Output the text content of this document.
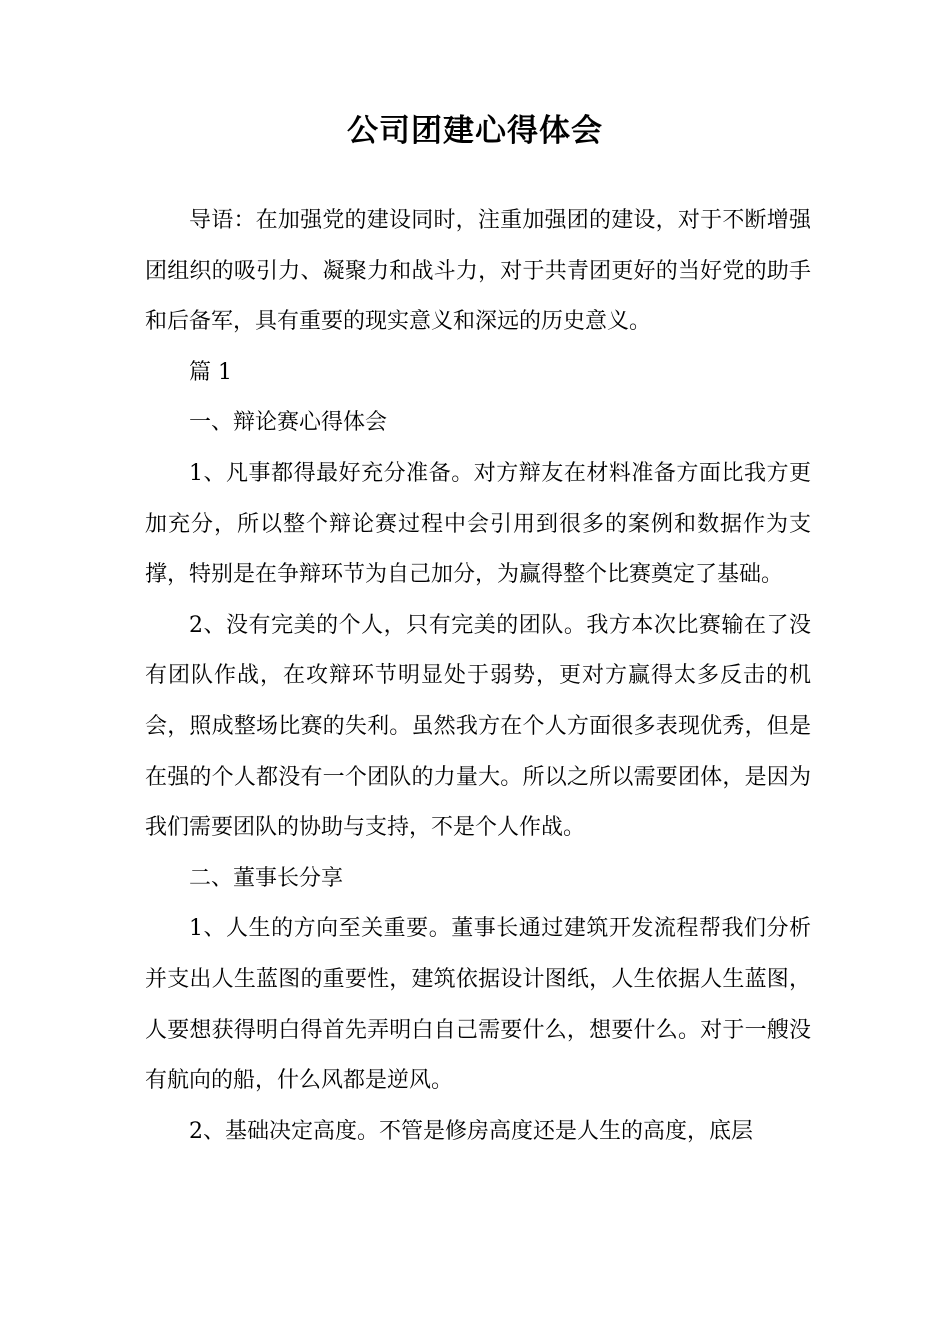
公司团建心得体会

导语：在加强党的建设同时，注重加强团的建设，对于不断增强团组织的吸引力、凝聚力和战斗力，对于共青团更好的当好党的助手和后备军，具有重要的现实意义和深远的历史意义。

篇 1

一、辩论赛心得体会

1、凡事都得最好充分准备。对方辩友在材料准备方面比我方更加充分，所以整个辩论赛过程中会引用到很多的案例和数据作为支撑，特别是在争辩环节为自己加分，为赢得整个比赛奠定了基础。

2、没有完美的个人，只有完美的团队。我方本次比赛输在了没有团队作战，在攻辩环节明显处于弱势，更对方赢得太多反击的机会，照成整场比赛的失利。虽然我方在个人方面很多表现优秀，但是在强的个人都没有一个团队的力量大。所以之所以需要团体，是因为我们需要团队的协助与支持，不是个人作战。

二、董事长分享

1、人生的方向至关重要。董事长通过建筑开发流程帮我们分析并支出人生蓝图的重要性，建筑依据设计图纸，人生依据人生蓝图，人要想获得明白得首先弄明白自己需要什么，想要什么。对于一艘没有航向的船，什么风都是逆风。

2、基础决定高度。不管是修房高度还是人生的高度，底层
